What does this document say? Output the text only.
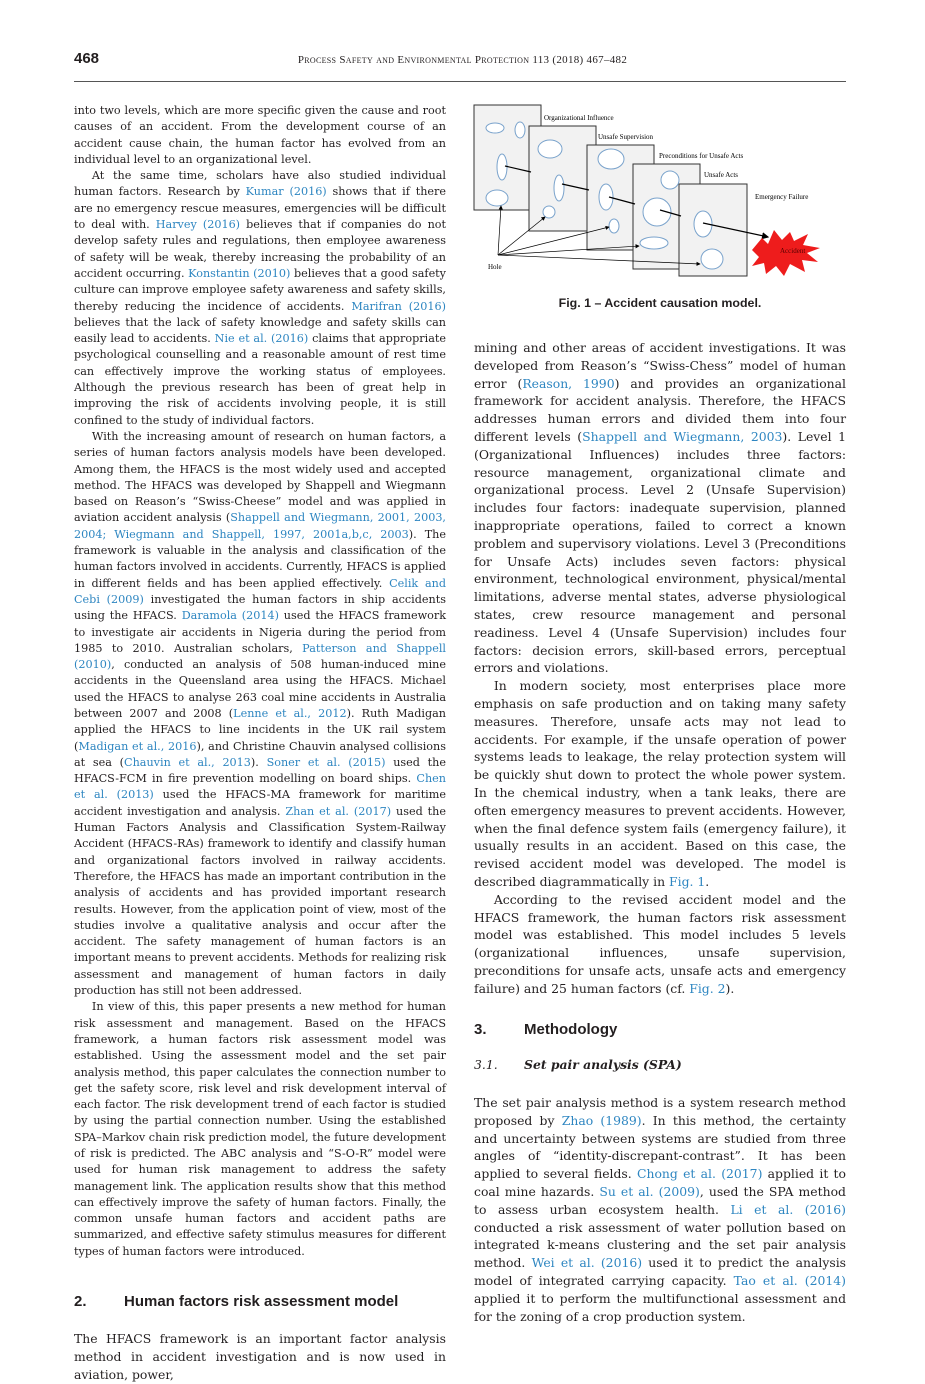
468	Process Safety and Environmental Protection 113 (2018) 467–482

into two levels, which are more specific given the cause and root causes of an accident. From the development course of an accident cause chain, the human factor has evolved from an individual level to an organizational level.

At the same time, scholars have also studied individual human factors. Research by Kumar (2016) shows that if there are no emergency rescue measures, emergencies will be difficult to deal with. Harvey (2016) believes that if companies do not develop safety rules and regulations, then employee awareness of safety will be weak, thereby increasing the probability of an accident occurring. Konstantin (2010) believes that a good safety culture can improve employee safety awareness and safety skills, thereby reducing the incidence of accidents. Marifran (2016) believes that the lack of safety knowledge and safety skills can easily lead to accidents. Nie et al. (2016) claims that appropriate psychological counselling and a reasonable amount of rest time can effectively improve the working status of employees. Although the previous research has been of great help in improving the risk of accidents involving people, it is still confined to the study of individual factors.

With the increasing amount of research on human factors, a series of human factors analysis models have been developed. Among them, the HFACS is the most widely used and accepted method. The HFACS was developed by Shappell and Wiegmann based on Reason’s “Swiss-Cheese” model and was applied in aviation accident analysis (Shappell and Wiegmann, 2001, 2003, 2004; Wiegmann and Shappell, 1997, 2001a,b,c, 2003). The framework is valuable in the analysis and classification of the human factors involved in accidents. Currently, HFACS is applied in different fields and has been applied effectively. Celik and Cebi (2009) investigated the human factors in ship accidents using the HFACS. Daramola (2014) used the HFACS framework to investigate air accidents in Nigeria during the period from 1985 to 2010. Australian scholars, Patterson and Shappell (2010), conducted an analysis of 508 human-induced mine accidents in the Queensland area using the HFACS. Michael used the HFACS to analyse 263 coal mine accidents in Australia between 2007 and 2008 (Lenne et al., 2012). Ruth Madigan applied the HFACS to line incidents in the UK rail system (Madigan et al., 2016), and Christine Chauvin analysed collisions at sea (Chauvin et al., 2013). Soner et al. (2015) used the HFACS-FCM in fire prevention modelling on board ships. Chen et al. (2013) used the HFACS-MA framework for maritime accident investigation and analysis. Zhan et al. (2017) used the Human Factors Analysis and Classification System-Railway Accident (HFACS-RAs) framework to identify and classify human and organizational factors involved in railway accidents. Therefore, the HFACS has made an important contribution in the analysis of accidents and has provided important research results. However, from the application point of view, most of the studies involve a qualitative analysis and occur after the accident. The safety management of human factors is an important means to prevent accidents. Methods for realizing risk assessment and management of human factors in daily production has still not been addressed.

In view of this, this paper presents a new method for human risk assessment and management. Based on the HFACS framework, a human factors risk assessment model was established. Using the assessment model and the set pair analysis method, this paper calculates the connection number to get the safety score, risk level and risk development interval of each factor. The risk development trend of each factor is studied by using the partial connection number. Using the established SPA–Markov chain risk prediction model, the future development of risk is predicted. The ABC analysis and “S-O-R” model were used for human risk management to address the safety management link. The application results show that this method can effectively improve the safety of human factors. Finally, the common unsafe human factors and accident paths are summarized, and effective safety stimulus measures for different types of human factors were introduced.

2.	Human factors risk assessment model

The HFACS framework is an important factor analysis method in accident investigation and is now used in aviation, power,

Organizational Influence
Unsafe Supervision
Preconditions for Unsafe Acts
Unsafe Acts
Emergency Failure
Hole
Accident
Fig. 1 – Accident causation model.

mining and other areas of accident investigations. It was developed from Reason’s “Swiss-Chess” model of human error (Reason, 1990) and provides an organizational framework for accident analysis. Therefore, the HFACS addresses human errors and divided them into four different levels (Shappell and Wiegmann, 2003). Level 1 (Organizational Influences) includes three factors: resource management, organizational climate and organizational process. Level 2 (Unsafe Supervision) includes four factors: inadequate supervision, planned inappropriate operations, failed to correct a known problem and supervisory violations. Level 3 (Preconditions for Unsafe Acts) includes seven factors: physical environment, technological environment, physical/mental limitations, adverse mental states, adverse physiological states, crew resource management and personal readiness. Level 4 (Unsafe Supervision) includes four factors: decision errors, skill-based errors, perceptual errors and violations.

In modern society, most enterprises place more emphasis on safe production and on taking many safety measures. Therefore, unsafe acts may not lead to accidents. For example, if the unsafe operation of power systems leads to leakage, the relay protection system will be quickly shut down to protect the whole power system. In the chemical industry, when a tank leaks, there are often emergency measures to prevent accidents. However, when the final defence system fails (emergency failure), it usually results in an accident. Based on this case, the revised accident model was developed. The model is described diagrammatically in Fig. 1.

According to the revised accident model and the HFACS framework, the human factors risk assessment model was established. This model includes 5 levels (organizational influences, unsafe supervision, preconditions for unsafe acts, unsafe acts and emergency failure) and 25 human factors (cf. Fig. 2).

3.	Methodology
3.1.	Set pair analysis (SPA)

The set pair analysis method is a system research method proposed by Zhao (1989). In this method, the certainty and uncertainty between systems are studied from three angles of “identity-discrepant-contrast”. It has been applied to several fields. Chong et al. (2017) applied it to coal mine hazards. Su et al. (2009), used the SPA method to assess urban ecosystem health. Li et al. (2016) conducted a risk assessment of water pollution based on integrated k-means clustering and the set pair analysis method. Wei et al. (2016) used it to predict the analysis model of integrated carrying capacity. Tao et al. (2014) applied it to perform the multifunctional assessment and for the zoning of a crop production system.
